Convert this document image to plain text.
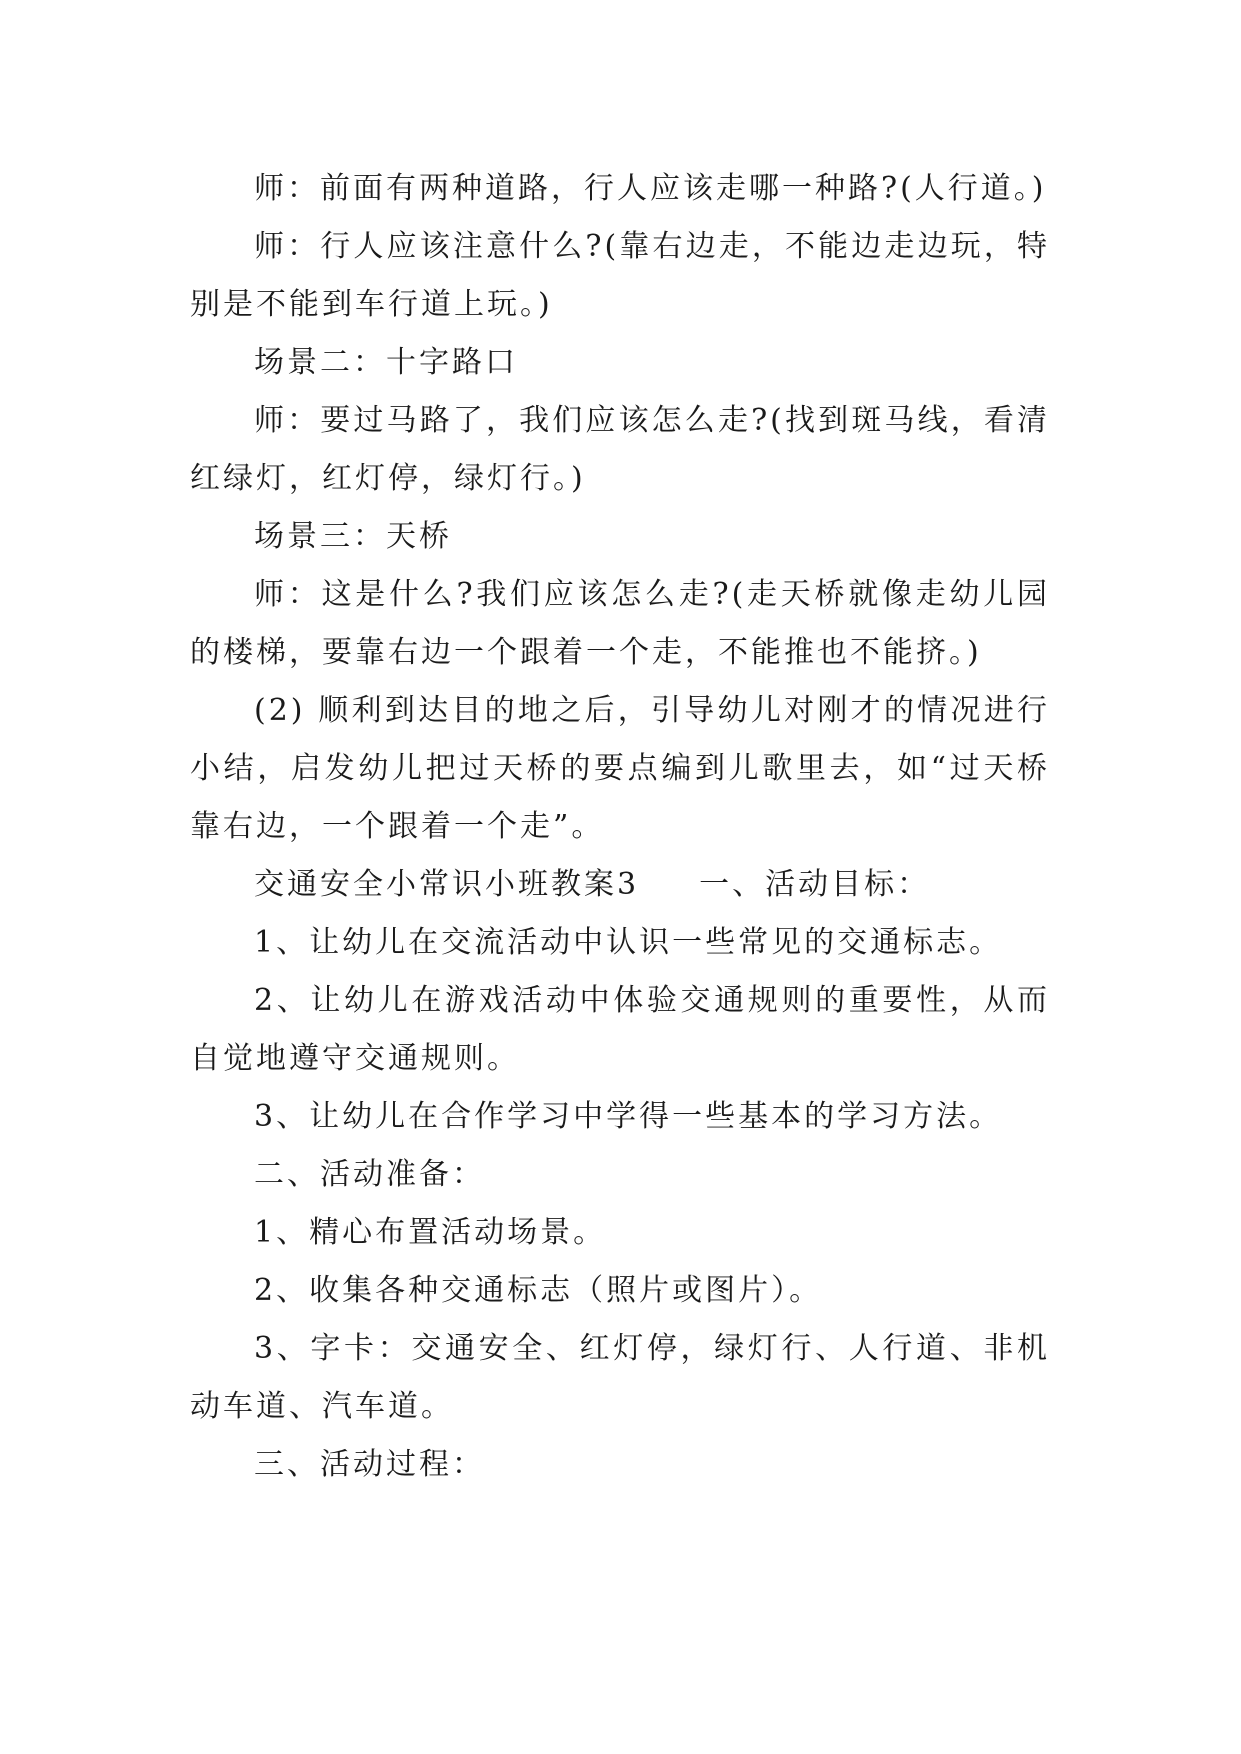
师：前面有两种道路，行人应该走哪一种路?(人行道。)

师：行人应该注意什么?(靠右边走，不能边走边玩，特别是不能到车行道上玩。)

场景二：十字路口

师：要过马路了，我们应该怎么走?(找到斑马线，看清红绿灯，红灯停，绿灯行。)

场景三：天桥

师：这是什么?我们应该怎么走?(走天桥就像走幼儿园的楼梯，要靠右边一个跟着一个走，不能推也不能挤。)

(2) 顺利到达目的地之后，引导幼儿对刚才的情况进行小结，启发幼儿把过天桥的要点编到儿歌里去，如“过天桥靠右边，一个跟着一个走”。

交通安全小常识小班教案3 一、活动目标：

1、让幼儿在交流活动中认识一些常见的交通标志。

2、让幼儿在游戏活动中体验交通规则的重要性，从而自觉地遵守交通规则。

3、让幼儿在合作学习中学得一些基本的学习方法。

二、活动准备：

1、精心布置活动场景。

2、收集各种交通标志（照片或图片）。

3、字卡：交通安全、红灯停，绿灯行、人行道、非机动车道、汽车道。

三、活动过程：
